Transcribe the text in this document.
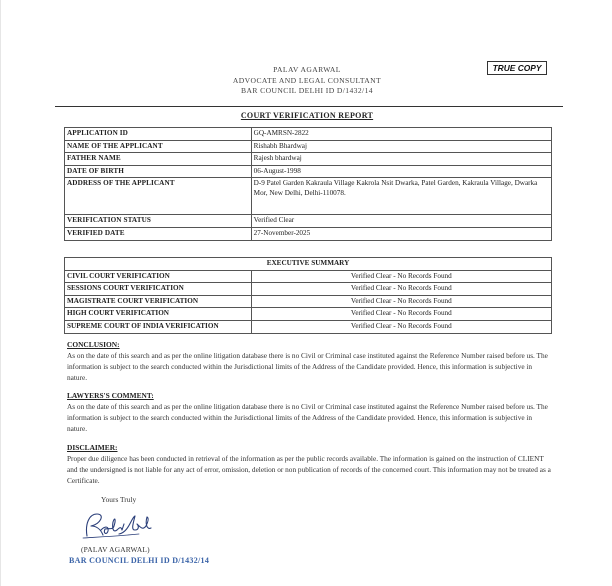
PALAV AGARWAL
ADVOCATE AND LEGAL CONSULTANT
BAR COUNCIL DELHI ID D/1432/14
TRUE COPY
COURT VERIFICATION REPORT
APPLICATION ID	GQ-AMRSN-2822
NAME OF THE APPLICANT	Rishabh Bhardwaj
FATHER NAME	Rajesh bhardwaj
DATE OF BIRTH	06-August-1998
ADDRESS OF THE APPLICANT	D-9 Patel Garden Kakraula Village Kakrola Nsit Dwarka, Patel Garden, Kakraula Village, Dwarka Mor, New Delhi, Delhi-110078.
VERIFICATION STATUS	Verified Clear
VERIFIED DATE	27-November-2025
EXECUTIVE SUMMARY	
CIVIL COURT VERIFICATION	Verified Clear - No Records Found
SESSIONS COURT VERIFICATION	Verified Clear - No Records Found
MAGISTRATE COURT VERIFICATION	Verified Clear - No Records Found
HIGH COURT VERIFICATION	Verified Clear - No Records Found
SUPREME COURT OF INDIA VERIFICATION	Verified Clear - No Records Found
CONCLUSION:
As on the date of this search and as per the online litigation database there is no Civil or Criminal case instituted against the Reference Number raised before us. The information is subject to the search conducted within the Jurisdictional limits of the Address of the Candidate provided. Hence, this information is subjective in nature.
LAWYERS'S COMMENT:
As on the date of this search and as per the online litigation database there is no Civil or Criminal case instituted against the Reference Number raised before us. The information is subject to the search conducted within the Jurisdictional limits of the Address of the Candidate provided. Hence, this information is subjective in nature.
DISCLAIMER:
Proper due diligence has been conducted in retrieval of the information as per the public records available. The information is gained on the instruction of CLIENT and the undersigned is not liable for any act of error, omission, deletion or non publication of records of the concerned court. This information may not be treated as a Certificate.
Yours Truly
(PALAV AGARWAL)
BAR COUNCIL DELHI ID D/1432/14
